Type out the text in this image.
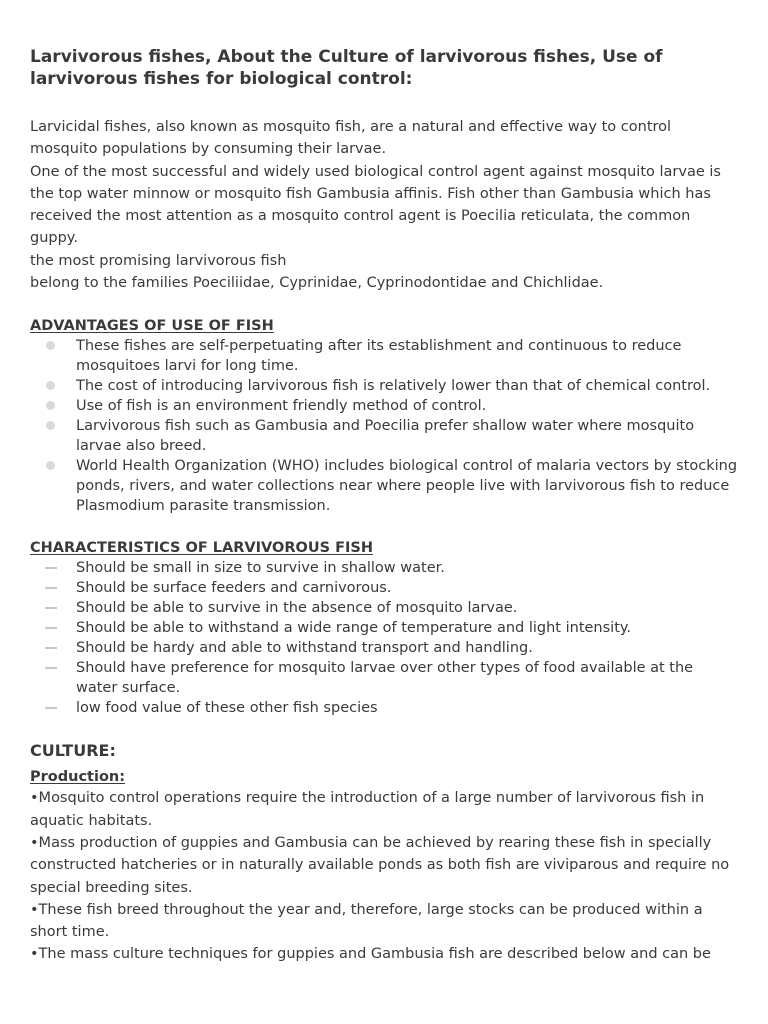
Larvivorous fishes, About the Culture of larvivorous fishes, Use of larvivorous fishes for biological control:

Larvicidal fishes, also known as mosquito fish, are a natural and effective way to control mosquito populations by consuming their larvae.

One of the most successful and widely used biological control agent against mosquito larvae is the top water minnow or mosquito fish Gambusia affinis. Fish other than Gambusia which has received the most attention as a mosquito control agent is Poecilia reticulata, the common guppy.

the most promising larvivorous fish

belong to the families Poeciliidae, Cyprinidae, Cyprinodontidae and Chichlidae.

ADVANTAGES OF USE OF FISH
These fishes are self-perpetuating after its establishment and continuous to reduce mosquitoes larvi for long time.
The cost of introducing larvivorous fish is relatively lower than that of chemical control.
Use of fish is an environment friendly method of control.
Larvivorous fish such as Gambusia and Poecilia prefer shallow water where mosquito larvae also breed.
World Health Organization (WHO) includes biological control of malaria vectors by stocking ponds, rivers, and water collections near where people live with larvivorous fish to reduce Plasmodium parasite transmission.
CHARACTERISTICS OF LARVIVOROUS FISH
Should be small in size to survive in shallow water.
Should be surface feeders and carnivorous.
Should be able to survive in the absence of mosquito larvae.
Should be able to withstand a wide range of temperature and light intensity.
Should be hardy and able to withstand transport and handling.
Should have preference for mosquito larvae over other types of food available at the water surface.
low food value of these other fish species
CULTURE:
Production:

•Mosquito control operations require the introduction of a large number of larvivorous fish in aquatic habitats.

•Mass production of guppies and Gambusia can be achieved by rearing these fish in specially constructed hatcheries or in naturally available ponds as both fish are viviparous and require no special breeding sites.

•These fish breed throughout the year and, therefore, large stocks can be produced within a short time.

•The mass culture techniques for guppies and Gambusia fish are described below and can be
